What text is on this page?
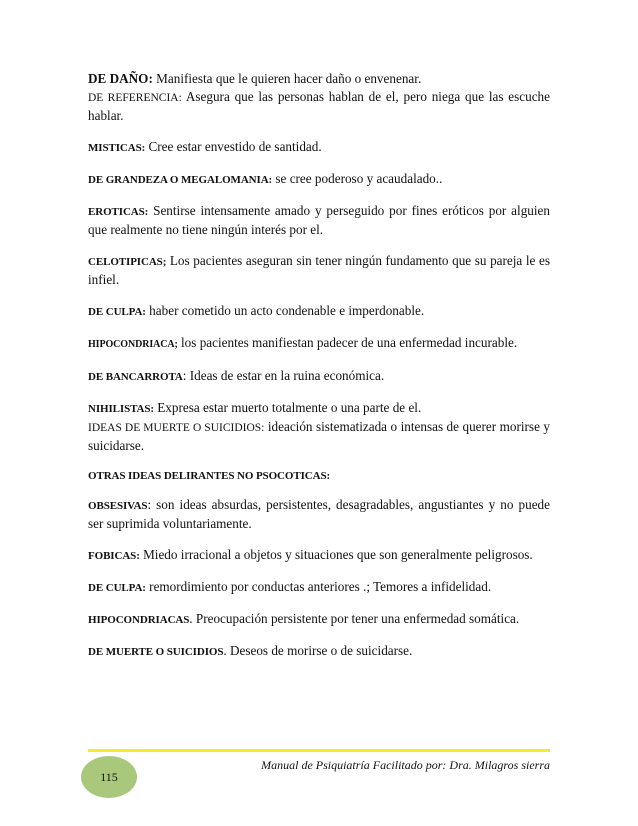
DE DAÑO: Manifiesta que le quieren hacer daño o envenenar.

DE REFERENCIA: Asegura que las personas hablan de el, pero niega que las escuche hablar.

MISTICAS: Cree estar envestido de santidad.

DE GRANDEZA O MEGALOMANIA: se cree poderoso y acaudalado..

EROTICAS: Sentirse intensamente amado y perseguido por fines eróticos por alguien que realmente no tiene ningún interés por el.

CELOTIPICAS; Los pacientes aseguran sin tener ningún fundamento que su pareja le es infiel.

DE CULPA: haber cometido un acto condenable e imperdonable.

HIPOCONDRIACA; los pacientes manifiestan padecer de una enfermedad incurable.

DE BANCARROTA: Ideas de estar en la ruina económica.

NIHILISTAS: Expresa estar muerto totalmente o una parte de el.

IDEAS DE MUERTE O SUICIDIOS: ideación sistematizada o intensas de querer morirse y suicidarse.

OTRAS IDEAS DELIRANTES NO PSOCOTICAS:

OBSESIVAS: son ideas absurdas, persistentes, desagradables, angustiantes y no puede ser suprimida voluntariamente.

FOBICAS: Miedo irracional a objetos y situaciones que son generalmente peligrosos.

DE CULPA: remordimiento por conductas anteriores .; Temores a infidelidad.

HIPOCONDRIACAS. Preocupación persistente por tener una enfermedad somática.

DE MUERTE O SUICIDIOS. Deseos de morirse o de suicidarse.

115
Manual de Psiquiatría Facilitado por: Dra. Milagros sierra
